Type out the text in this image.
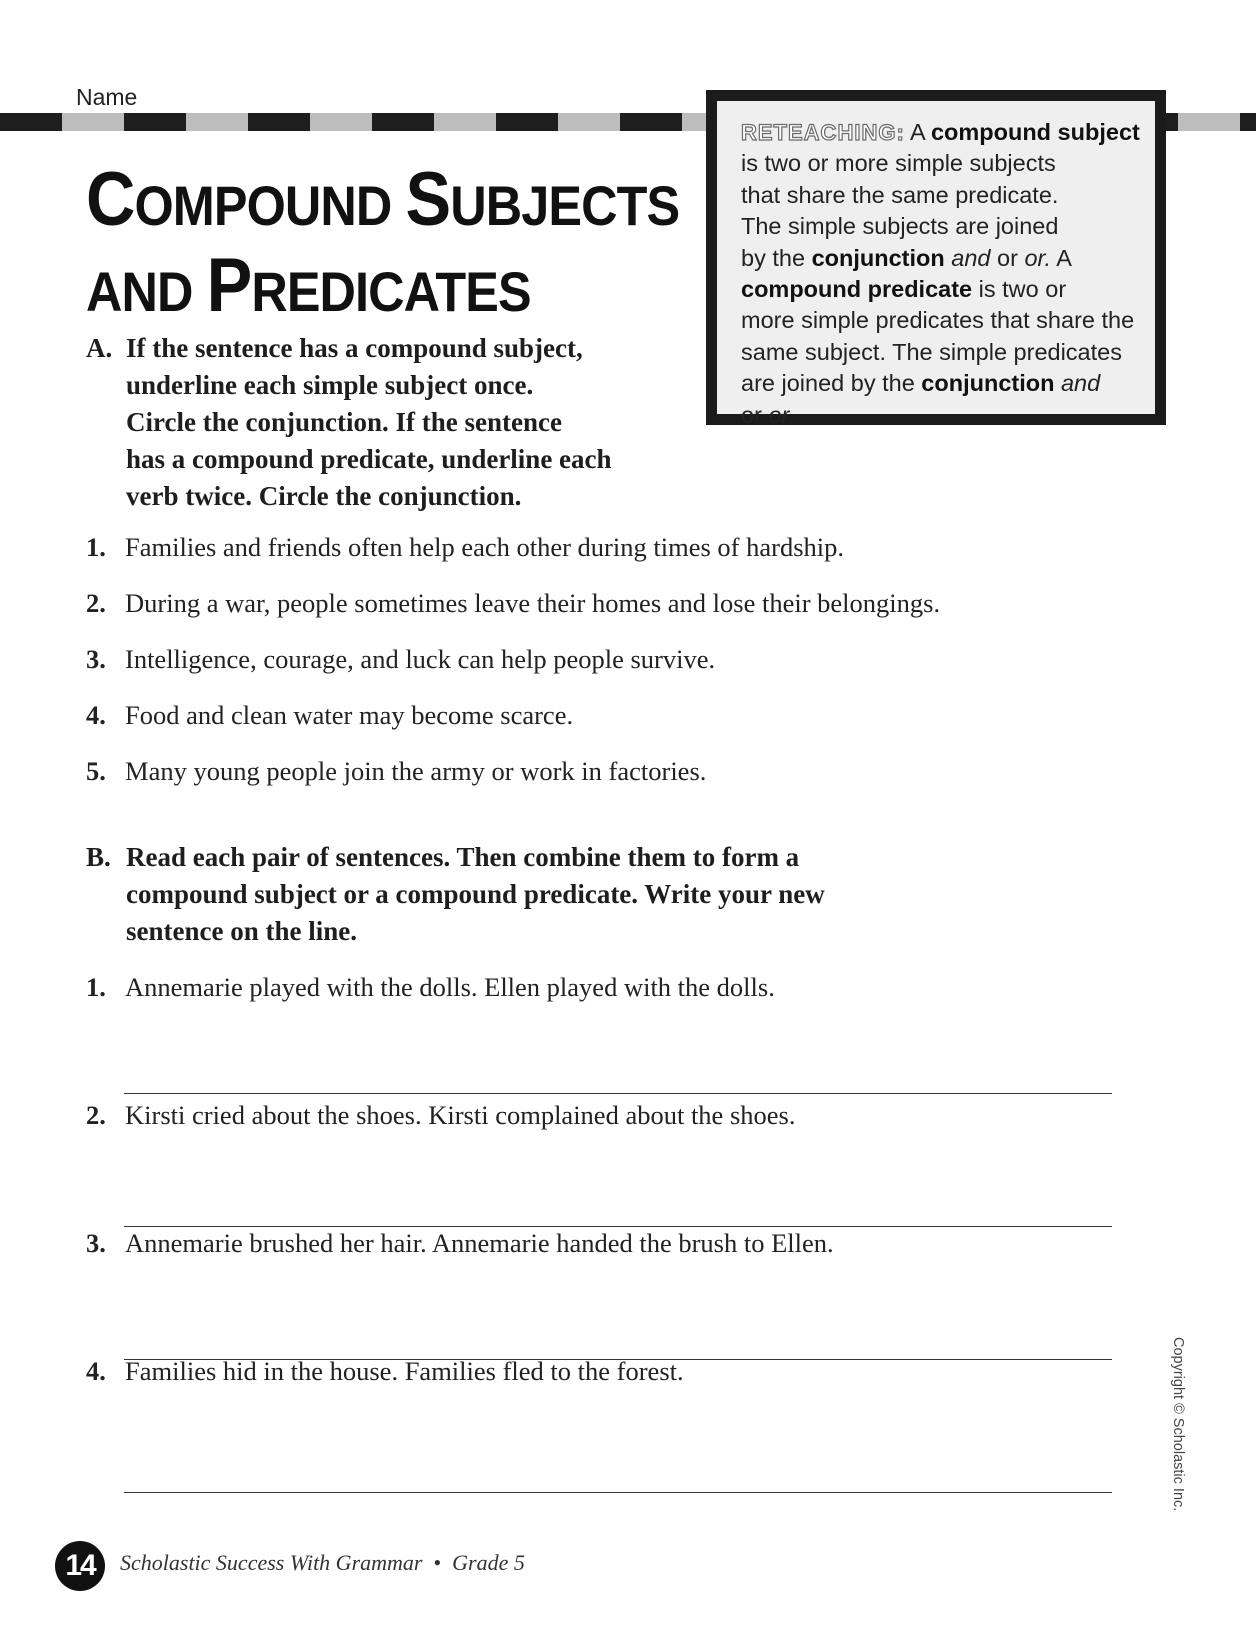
Name
COMPOUND SUBJECTS
AND PREDICATES
RETEACHING: A compound subject
is two or more simple subjects
that share the same predicate.
The simple subjects are joined
by the conjunction and or or. A
compound predicate is two or
more simple predicates that share the
same subject. The simple predicates
are joined by the conjunction and
or or.
A. If the sentence has a compound subject,
underline each simple subject once.
Circle the conjunction. If the sentence
has a compound predicate, underline each
verb twice. Circle the conjunction.
1. Families and friends often help each other during times of hardship.
2. During a war, people sometimes leave their homes and lose their belongings.
3. Intelligence, courage, and luck can help people survive.
4. Food and clean water may become scarce.
5. Many young people join the army or work in factories.
B. Read each pair of sentences. Then combine them to form a
compound subject or a compound predicate. Write your new
sentence on the line.
1. Annemarie played with the dolls. Ellen played with the dolls.
2. Kirsti cried about the shoes. Kirsti complained about the shoes.
3. Annemarie brushed her hair. Annemarie handed the brush to Ellen.
4. Families hid in the house. Families fled to the forest.
14	Scholastic Success With Grammar • Grade 5
Copyright © Scholastic Inc.
